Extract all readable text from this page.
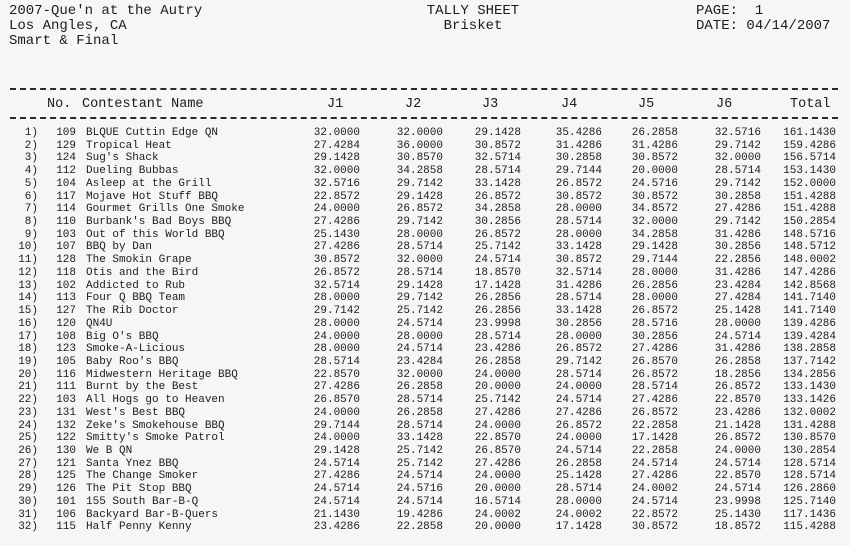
2007-Que'n at the Autry
Los Angles, CA
Smart & Final
TALLY SHEET
Brisket
PAGE: 1
DATE: 04/14/2007
No. Contestant Name	J1	J2	J3	J4	J5	J6	Total
1)	109 BLQUE Cuttin Edge QN	32.0000	32.0000	29.1428	35.4286	26.2858	32.5716	161.1430
2)	129 Tropical Heat	27.4284	36.0000	30.8572	31.4286	31.4286	29.7142	159.4286
3)	124 Sug's Shack	29.1428	30.8570	32.5714	30.2858	30.8572	32.0000	156.5714
4)	112 Dueling Bubbas	32.0000	34.2858	28.5714	29.7144	20.0000	28.5714	153.1430
5)	104 Asleep at the Grill	32.5716	29.7142	33.1428	26.8572	24.5716	29.7142	152.0000
6)	117 Mojave Hot Stuff BBQ	22.8572	29.1428	26.8572	30.8572	30.8572	30.2858	151.4288
7)	114 Gourmet Grills One Smoke	24.0000	26.8572	34.2858	28.0000	34.8572	27.4286	151.4288
8)	110 Burbank's Bad Boys BBQ	27.4286	29.7142	30.2856	28.5714	32.0000	29.7142	150.2854
9)	103 Out of this World BBQ	25.1430	28.0000	26.8572	28.0000	34.2858	31.4286	148.5716
10)	107 BBQ by Dan	27.4286	28.5714	25.7142	33.1428	29.1428	30.2856	148.5712
11)	128 The Smokin Grape	30.8572	32.0000	24.5714	30.8572	29.7144	22.2856	148.0002
12)	118 Otis and the Bird	26.8572	28.5714	18.8570	32.5714	28.0000	31.4286	147.4286
13)	102 Addicted to Rub	32.5714	29.1428	17.1428	31.4286	26.2856	23.4284	142.8568
14)	113 Four Q BBQ Team	28.0000	29.7142	26.2856	28.5714	28.0000	27.4284	141.7140
15)	127 The Rib Doctor	29.7142	25.7142	26.2856	33.1428	26.8572	25.1428	141.7140
16)	120 QN4U	28.0000	24.5714	23.9998	30.2856	28.5716	28.0000	139.4286
17)	108 Big O's BBQ	24.0000	28.0000	28.5714	28.0000	30.2856	24.5714	139.4284
18)	123 Smoke-A-Licious	28.0000	24.5714	23.4286	26.8572	27.4286	31.4286	138.2858
19)	105 Baby Roo's BBQ	28.5714	23.4284	26.2858	29.7142	26.8570	26.2858	137.7142
20)	116 Midwestern Heritage BBQ	22.8570	32.0000	24.0000	28.5714	26.8572	18.2856	134.2856
21)	111 Burnt by the Best	27.4286	26.2858	20.0000	24.0000	28.5714	26.8572	133.1430
22)	103 All Hogs go to Heaven	26.8570	28.5714	25.7142	24.5714	27.4286	22.8570	133.1426
23)	131 West's Best BBQ	24.0000	26.2858	27.4286	27.4286	26.8572	23.4286	132.0002
24)	132 Zeke's Smokehouse BBQ	29.7144	28.5714	24.0000	26.8572	22.2858	21.1428	131.4288
25)	122 Smitty's Smoke Patrol	24.0000	33.1428	22.8570	24.0000	17.1428	26.8572	130.8570
26)	130 We B QN	29.1428	25.7142	26.8570	24.5714	22.2858	24.0000	130.2854
27)	121 Santa Ynez BBQ	24.5714	25.7142	27.4286	26.2858	24.5714	24.5714	128.5714
28)	125 The Change Smoker	27.4286	24.5714	24.0000	25.1428	27.4286	22.8570	128.5714
29)	126 The Pit Stop BBQ	24.5714	24.5716	20.0000	28.5714	24.0002	24.5714	126.2860
30)	101 155 South Bar-B-Q	24.5714	24.5714	16.5714	28.0000	24.5714	23.9998	125.7140
31)	106 Backyard Bar-B-Quers	21.1430	19.4286	24.0002	24.0002	22.8572	25.1430	117.1436
32)	115 Half Penny Kenny	23.4286	22.2858	20.0000	17.1428	30.8572	18.8572	115.4288
